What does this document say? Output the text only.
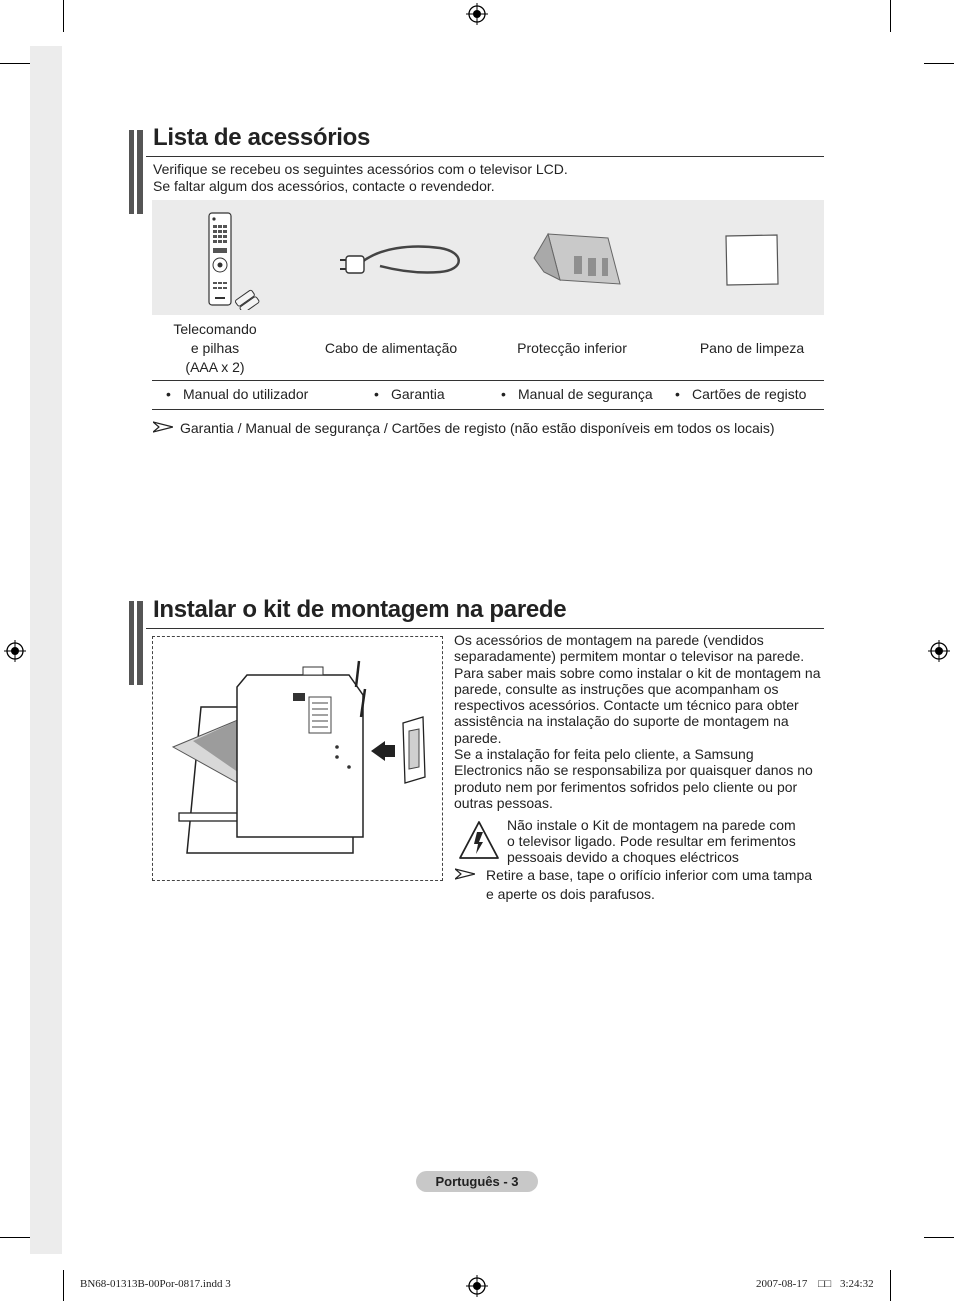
Lista de acessórios
Verifique se recebeu os seguintes acessórios com o televisor LCD.
Se faltar algum dos acessórios, contacte o revendedor.
Telecomando
e pilhas
(AAA x 2)
Cabo de alimentação	Protecção inferior	Pano de limpeza
• Manual do utilizador	• Garantia	• Manual de segurança • Cartões de registo
Garantia / Manual de segurança / Cartões de registo (não estão disponíveis em todos os locais)
Instalar o kit de montagem na parede
Os acessórios de montagem na parede (vendidos separadamente) permitem montar o televisor na parede.
Para saber mais sobre como instalar o kit de montagem na parede, consulte as instruções que acompanham os respectivos acessórios. Contacte um técnico para obter assistência na instalação do suporte de montagem na parede.
Se a instalação for feita pelo cliente, a Samsung Electronics não se responsabiliza por quaisquer danos no produto nem por ferimentos sofridos pelo cliente ou por outras pessoas.
Não instale o Kit de montagem na parede com o televisor ligado. Pode resultar em ferimentos pessoais devido a choques eléctricos
Retire a base, tape o orifício inferior com uma tampa
e aperte os dois parafusos.
Português - 3
BN68-01313B-00Por-0817.indd 3	2007-08-17 □□ 3:24:32
